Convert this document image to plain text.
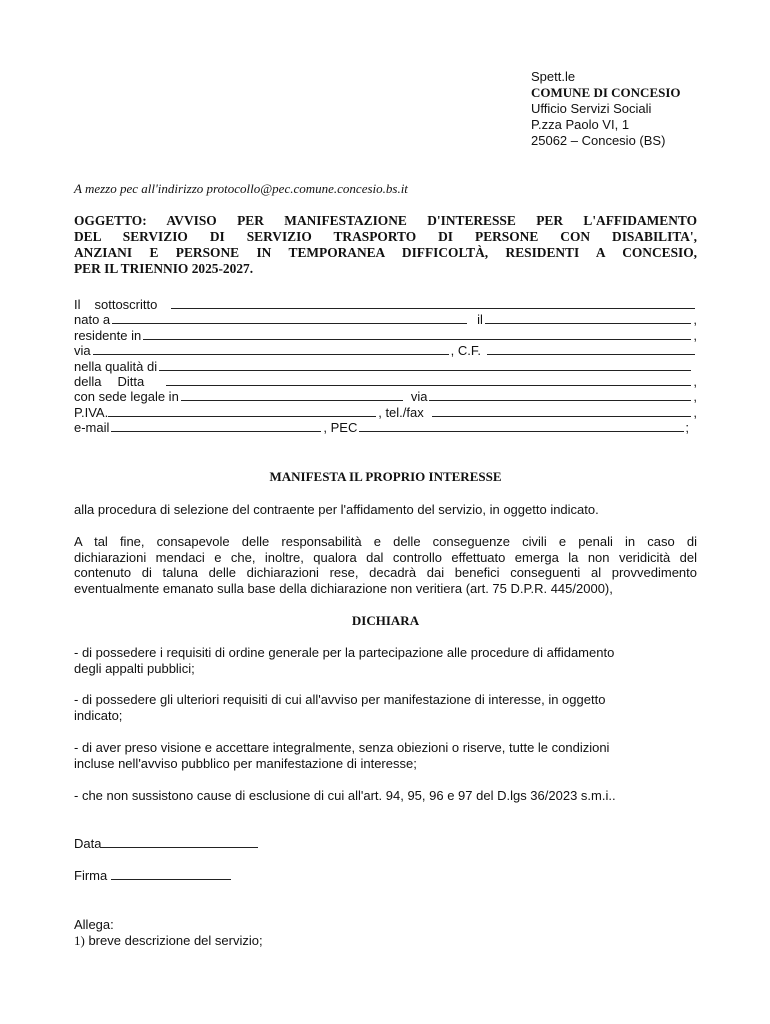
Spett.le
COMUNE DI CONCESIO
Ufficio Servizi Sociali
P.zza Paolo VI, 1
25062 – Concesio (BS)
A mezzo pec all'indirizzo protocollo@pec.comune.concesio.bs.it
OGGETTO: AVVISO PER MANIFESTAZIONE D'INTERESSE PER L'AFFIDAMENTO
DEL SERVIZIO DI SERVIZIO TRASPORTO DI PERSONE CON DISABILITA',
ANZIANI E PERSONE IN TEMPORANEA DIFFICOLTÀ, RESIDENTI A CONCESIO,
PER IL TRIENNIO 2025-2027.
Il sottoscritto
nato a	il	,
residente in	,
via	, C.F.
nella qualità di
della Ditta	,
con sede legale in	via	,
P.IVA.	, tel./fax	,
e-mail	, PEC	;
MANIFESTA IL PROPRIO INTERESSE
alla procedura di selezione del contraente per l'affidamento del servizio, in oggetto indicato.
A tal fine, consapevole delle responsabilità e delle conseguenze civili e penali in caso di
dichiarazioni mendaci e che, inoltre, qualora dal controllo effettuato emerga la non veridicità del
contenuto di taluna delle dichiarazioni rese, decadrà dai benefici conseguenti al provvedimento
eventualmente emanato sulla base della dichiarazione non veritiera (art. 75 D.P.R. 445/2000),
DICHIARA
- di possedere i requisiti di ordine generale per la partecipazione alle procedure di affidamento
degli appalti pubblici;
- di possedere gli ulteriori requisiti di cui all'avviso per manifestazione di interesse, in oggetto
indicato;
- di aver preso visione e accettare integralmente, senza obiezioni o riserve, tutte le condizioni
incluse nell'avviso pubblico per manifestazione di interesse;
- che non sussistono cause di esclusione di cui all'art. 94, 95, 96 e 97 del D.lgs 36/2023 s.m.i..
Data
Firma
Allega:
1) breve descrizione del servizio;
